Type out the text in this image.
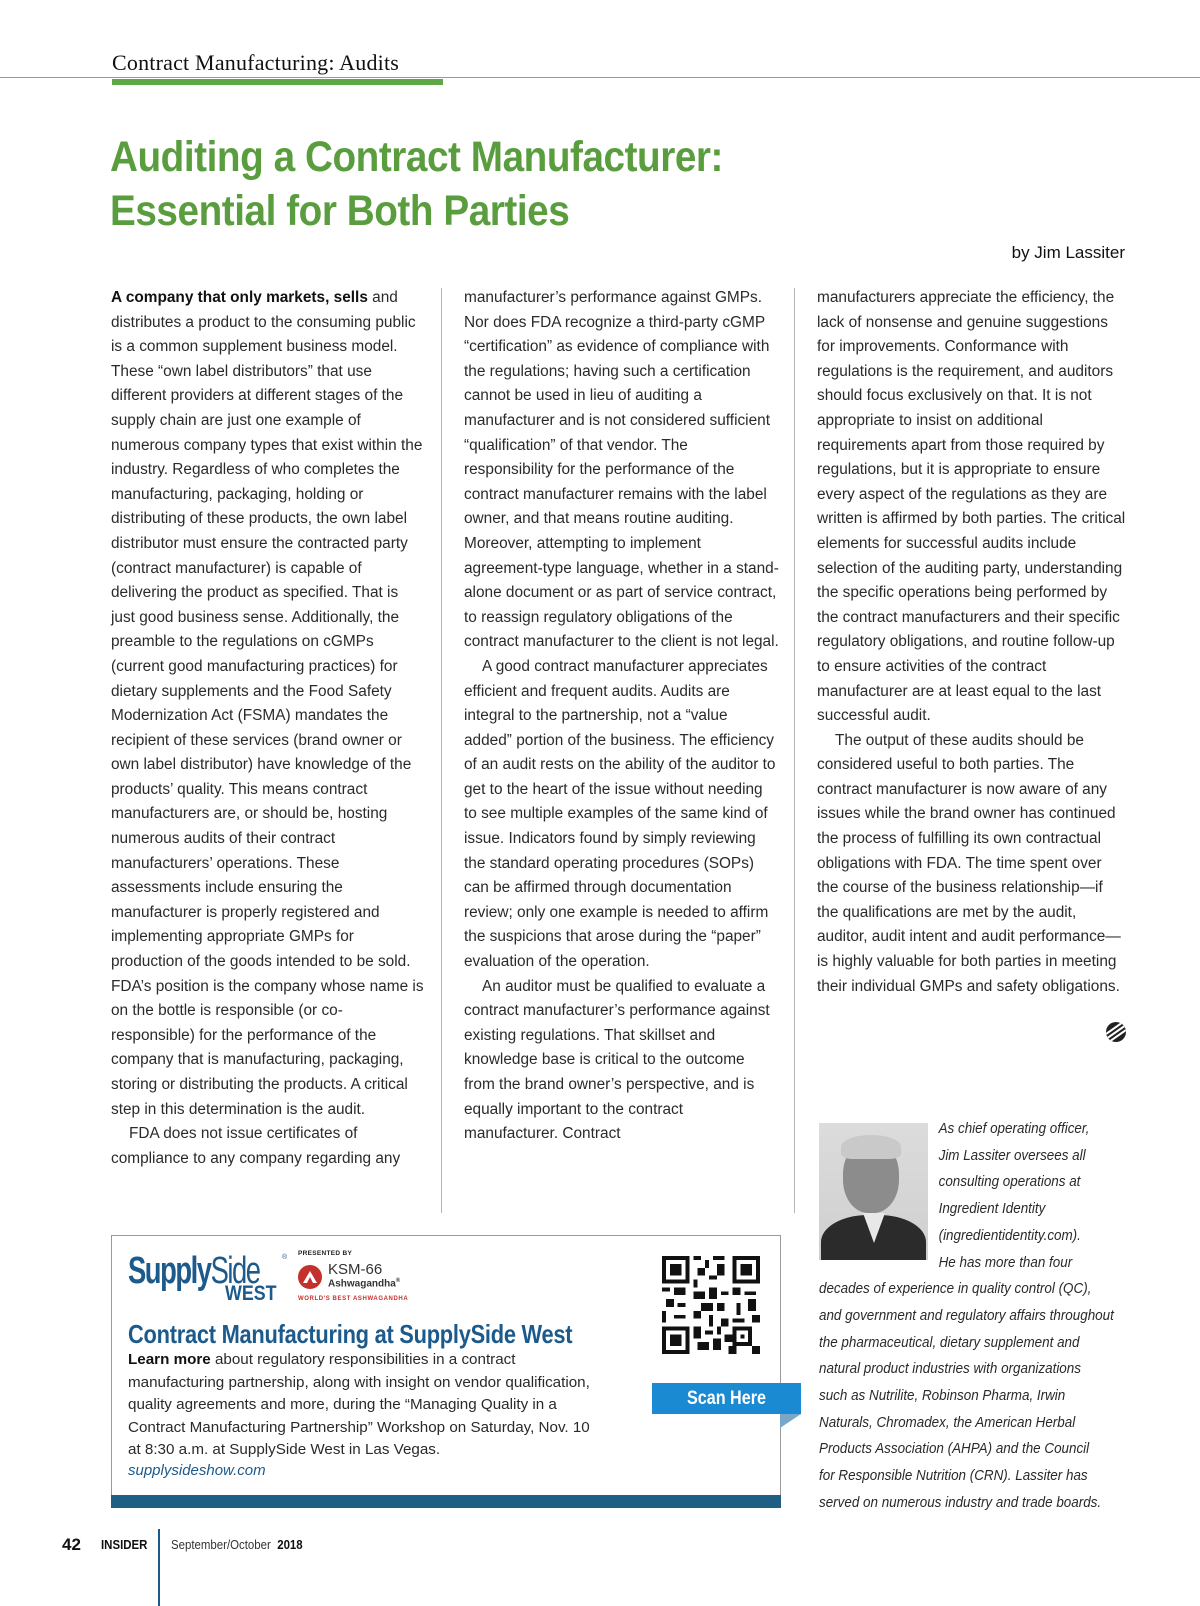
Contract Manufacturing: Audits
Auditing a Contract Manufacturer:
Essential for Both Parties
by Jim Lassiter

A company that only markets, sells and distributes a product to the consuming public is a common supplement business model. These “own label distributors” that use different providers at different stages of the supply chain are just one example of numerous company types that exist within the industry. Regardless of who completes the manufacturing, packaging, holding or distributing of these products, the own label distributor must ensure the contracted party (contract manufacturer) is capable of delivering the product as specified. That is just good business sense. Additionally, the preamble to the regulations on cGMPs (current good manufacturing practices) for dietary supplements and the Food Safety Modernization Act (FSMA) mandates the recipient of these services (brand owner or own label distributor) have knowledge of the products’ quality. This means contract manufacturers are, or should be, hosting numerous audits of their contract manufacturers’ operations. These assessments include ensuring the manufacturer is properly registered and implementing appropriate GMPs for production of the goods intended to be sold. FDA’s position is the company whose name is on the bottle is responsible (or co-responsible) for the performance of the company that is manufacturing, packaging, storing or distributing the products. A critical step in this determination is the audit.

FDA does not issue certificates of compliance to any company regarding any

manufacturer’s performance against GMPs. Nor does FDA recognize a third-party cGMP “certification” as evidence of compliance with the regulations; having such a certification cannot be used in lieu of auditing a manufacturer and is not considered sufficient “qualification” of that vendor. The responsibility for the performance of the contract manufacturer remains with the label owner, and that means routine auditing. Moreover, attempting to implement agreement-type language, whether in a stand-alone document or as part of service contract, to reassign regulatory obligations of the contract manufacturer to the client is not legal.

A good contract manufacturer appreciates efficient and frequent audits. Audits are integral to the partnership, not a “value added” portion of the business. The efficiency of an audit rests on the ability of the auditor to get to the heart of the issue without needing to see multiple examples of the same kind of issue. Indicators found by simply reviewing the standard operating procedures (SOPs) can be affirmed through documentation review; only one example is needed to affirm the suspicions that arose during the “paper” evaluation of the operation.

An auditor must be qualified to evaluate a contract manufacturer’s performance against existing regulations. That skillset and knowledge base is critical to the outcome from the brand owner’s perspective, and is equally important to the contract manufacturer. Contract

manufacturers appreciate the efficiency, the lack of nonsense and genuine suggestions for improvements. Conformance with regulations is the requirement, and auditors should focus exclusively on that. It is not appropriate to insist on additional requirements apart from those required by regulations, but it is appropriate to ensure every aspect of the regulations as they are written is affirmed by both parties. The critical elements for successful audits include selection of the auditing party, understanding the specific operations being performed by the contract manufacturers and their specific regulatory obligations, and routine follow-up to ensure activities of the contract manufacturer are at least equal to the last successful audit.

The output of these audits should be considered useful to both parties. The contract manufacturer is now aware of any issues while the brand owner has continued the process of fulfilling its own contractual obligations with FDA. The time spent over the course of the business relationship—if the qualifications are met by the audit, auditor, audit intent and audit performance—is highly valuable for both parties in meeting their individual GMPs and safety obligations.

As chief operating officer,
Jim Lassiter oversees all
consulting operations at
Ingredient Identity
(ingredientidentity.com).
He has more than four
decades of experience in quality control (QC),
and government and regulatory affairs throughout
the pharmaceutical, dietary supplement and
natural product industries with organizations
such as Nutrilite, Robinson Pharma, Irwin
Naturals, Chromadex, the American Herbal
Products Association (AHPA) and the Council
for Responsible Nutrition (CRN). Lassiter has
served on numerous industry and trade boards.
SupplySide	®
WEST
PRESENTED BY
KSM-66
Ashwagandha®
WORLD'S BEST ASHWAGANDHA
Contract Manufacturing at SupplySide West
Learn more about regulatory responsibilities in a contract
manufacturing partnership, along with insight on vendor qualification,
quality agreements and more, during the “Managing Quality in a
Contract Manufacturing Partnership” Workshop on Saturday, Nov. 10
at 8:30 a.m. at SupplySide West in Las Vegas.
supplysideshow.com
Scan Here
42 INSIDER September/October 2018
